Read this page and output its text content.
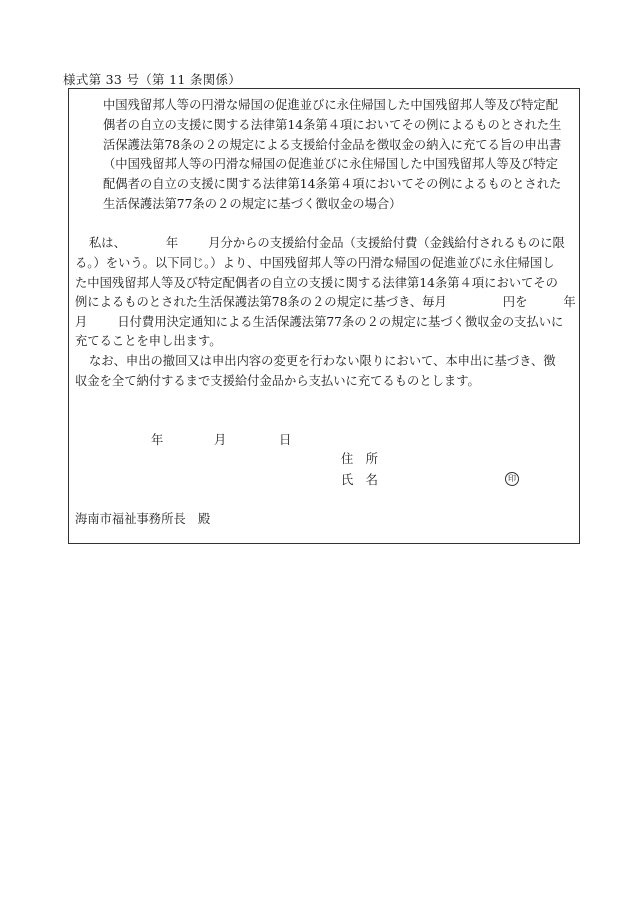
様式第 33 号（第 11 条関係）
中国残留邦人等の円滑な帰国の促進並びに永住帰国した中国残留邦人等及び特定配
偶者の自立の支援に関する法律第14条第４項においてその例によるものとされた生
活保護法第78条の２の規定による支援給付金品を徴収金の納入に充てる旨の申出書
（中国残留邦人等の円滑な帰国の促進並びに永住帰国した中国残留邦人等及び特定
配偶者の自立の支援に関する法律第14条第４項においてその例によるものとされた
生活保護法第77条の２の規定に基づく徴収金の場合）
私は、	年 月分からの支援給付金品（支援給付費（金銭給付されるものに限
る。）をいう。以下同じ。）より、中国残留邦人等の円滑な帰国の促進並びに永住帰国し
た中国残留邦人等及び特定配偶者の自立の支援に関する法律第14条第４項においてその
例によるものとされた生活保護法第78条の２の規定に基づき、毎月	円を	年
月 日付費用決定通知による生活保護法第77条の２の規定に基づく徴収金の支払いに
充てることを申し出ます。
なお、申出の撤回又は申出内容の変更を行わない限りにおいて、本申出に基づき、徴
収金を全て納付するまで支援給付金品から支払いに充てるものとします。
年	月	日
住　所
氏　名	印
海南市福祉事務所長　殿
